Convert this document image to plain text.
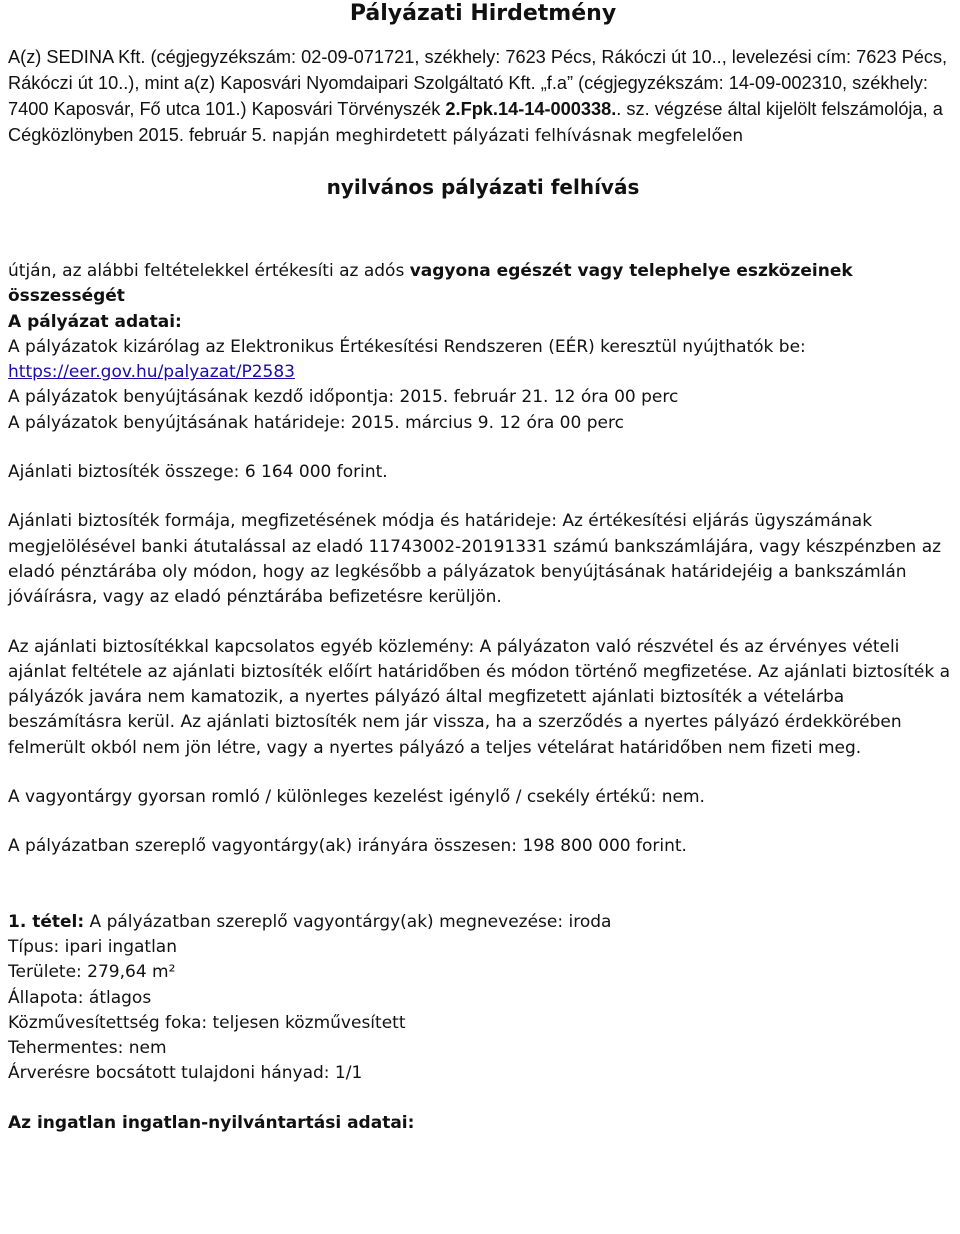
Pályázati Hirdetmény

A(z) SEDINA Kft. (cégjegyzékszám: 02-09-071721, székhely: 7623 Pécs, Rákóczi út 10.., levelezési cím: 7623 Pécs, Rákóczi út 10..), mint a(z) Kaposvári Nyomdaipari Szolgáltató Kft. „f.a” (cégjegyzékszám: 14-09-002310, székhely: 7400 Kaposvár, Fő utca 101.) Kaposvári Törvényszék 2.Fpk.14-14-000338.. sz. végzése által kijelölt felszámolója, a Cégközlönyben 2015. február 5. napján meghirdetett pályázati felhívásnak megfelelően

nyilvános pályázati felhívás

útján, az alábbi feltételekkel értékesíti az adós vagyona egészét vagy telephelye eszközeinek összességét

A pályázat adatai:

A pályázatok kizárólag az Elektronikus Értékesítési Rendszeren (EÉR) keresztül nyújthatók be:

https://eer.gov.hu/palyazat/P2583

A pályázatok benyújtásának kezdő időpontja: 2015. február 21. 12 óra 00 perc

A pályázatok benyújtásának határideje: 2015. március 9. 12 óra 00 perc

Ajánlati biztosíték összege: 6 164 000 forint.

Ajánlati biztosíték formája, megfizetésének módja és határideje: Az értékesítési eljárás ügyszámának megjelölésével banki átutalással az eladó 11743002-20191331 számú bankszámlájára, vagy készpénzben az eladó pénztárába oly módon, hogy az legkésőbb a pályázatok benyújtásának határidejéig a bankszámlán jóváírásra, vagy az eladó pénztárába befizetésre kerüljön.

Az ajánlati biztosítékkal kapcsolatos egyéb közlemény: A pályázaton való részvétel és az érvényes vételi ajánlat feltétele az ajánlati biztosíték előírt határidőben és módon történő megfizetése. Az ajánlati biztosíték a pályázók javára nem kamatozik, a nyertes pályázó által megfizetett ajánlati biztosíték a vételárba beszámításra kerül. Az ajánlati biztosíték nem jár vissza, ha a szerződés a nyertes pályázó érdekkörében felmerült okból nem jön létre, vagy a nyertes pályázó a teljes vételárat határidőben nem fizeti meg.

A vagyontárgy gyorsan romló / különleges kezelést igénylő / csekély értékű: nem.

A pályázatban szereplő vagyontárgy(ak) irányára összesen: 198 800 000 forint.

1. tétel: A pályázatban szereplő vagyontárgy(ak) megnevezése: iroda

Típus: ipari ingatlan

Területe: 279,64 m²

Állapota: átlagos

Közművesítettség foka: teljesen közművesített

Tehermentes: nem

Árverésre bocsátott tulajdoni hányad: 1/1

Az ingatlan ingatlan-nyilvántartási adatai:
